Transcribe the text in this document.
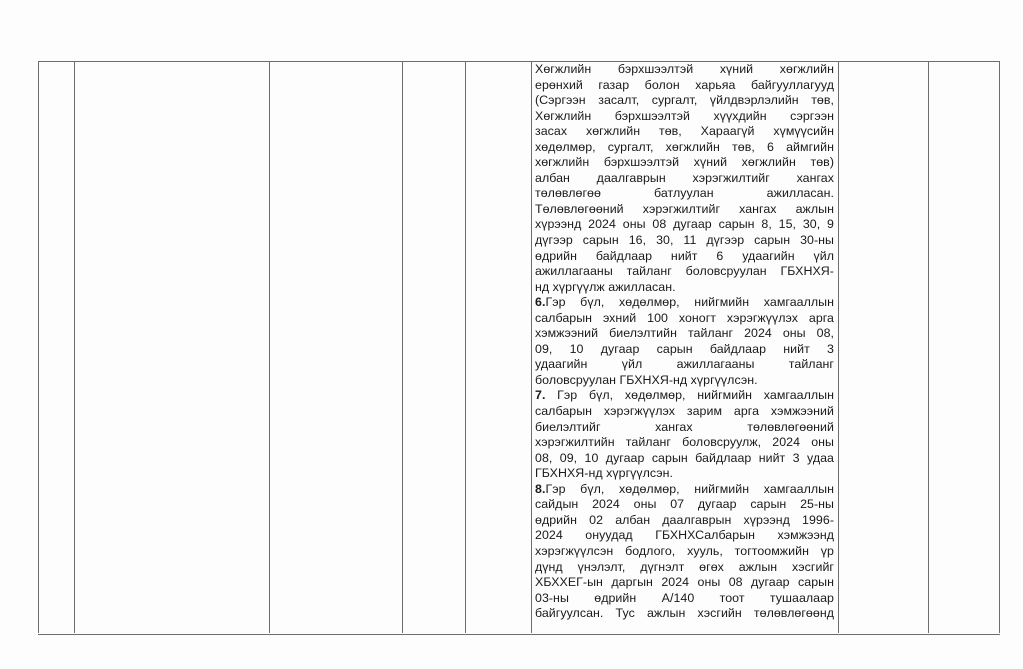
Хөгжлийн бэрхшээлтэй хүний хөгжлийн
ерөнхий газар болон харьяа байгууллагууд
(Сэргээн засалт, сургалт, үйлдвэрлэлийн төв,
Хөгжлийн бэрхшээлтэй хүүхдийн сэргээн
засах хөгжлийн төв, Хараагүй хүмүүсийн
хөдөлмөр, сургалт, хөгжлийн төв, 6 аймгийн
хөгжлийн бэрхшээлтэй хүний хөгжлийн төв)
албан даалгаврын хэрэгжилтийг хангах
төлөвлөгөө батлуулан ажилласан.
Төлөвлөгөөний хэрэгжилтийг хангах ажлын
хүрээнд 2024 оны 08 дугаар сарын 8, 15, 30, 9
дүгээр сарын 16, 30, 11 дүгээр сарын 30-ны
өдрийн байдлаар нийт 6 удаагийн үйл
ажиллагааны тайланг боловсруулан ГБХНХЯ-
нд хүргүүлж ажилласан.
6.Гэр бүл, хөдөлмөр, нийгмийн хамгааллын
салбарын эхний 100 хоногт хэрэгжүүлэх арга
хэмжээний биелэлтийн тайланг 2024 оны 08,
09, 10 дугаар сарын байдлаар нийт 3
удаагийн үйл ажиллагааны тайланг
боловсруулан ГБХНХЯ-нд хүргүүлсэн.
7. Гэр бүл, хөдөлмөр, нийгмийн хамгааллын
салбарын хэрэгжүүлэх зарим арга хэмжээний
биелэлтийг хангах төлөвлөгөөний
хэрэгжилтийн тайланг боловсруулж, 2024 оны
08, 09, 10 дугаар сарын байдлаар нийт 3 удаа
ГБХНХЯ-нд хүргүүлсэн.
8.Гэр бүл, хөдөлмөр, нийгмийн хамгааллын
сайдын 2024 оны 07 дугаар сарын 25-ны
өдрийн 02 албан даалгаврын хүрээнд 1996-
2024 онуудад ГБХНХСалбарын хэмжээнд
хэрэгжүүлсэн бодлого, хууль, тогтоомжийн үр
дүнд үнэлэлт, дүгнэлт өгөх ажлын хэсгийг
ХБХХЕГ-ын даргын 2024 оны 08 дугаар сарын
03-ны өдрийн А/140 тоот тушаалаар
байгуулсан. Тус ажлын хэсгийн төлөвлөгөөнд
